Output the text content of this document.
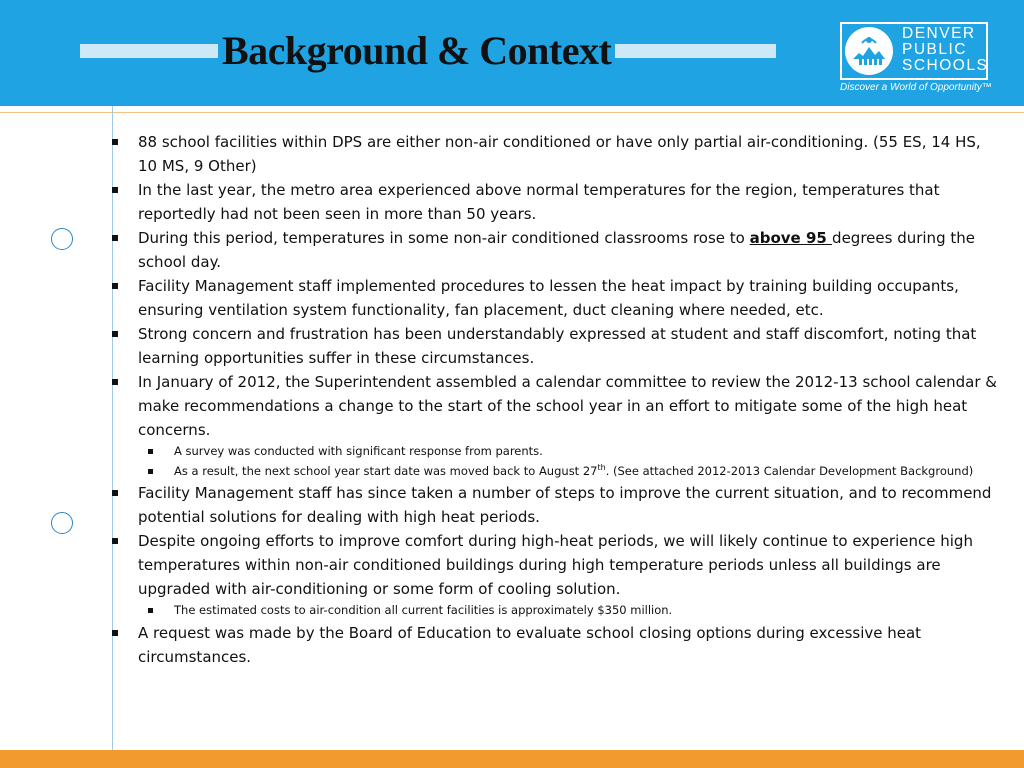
Background & Context	DENVER
PUBLIC
SCHOOLS
Discover a World of Opportunity™
88 school facilities within DPS are either non-air conditioned or have only partial air-conditioning. (55 ES, 14 HS, 10 MS, 9 Other)
In the last year, the metro area experienced above normal temperatures for the region, temperatures that reportedly had not been seen in more than 50 years.
During this period, temperatures in some non-air conditioned classrooms rose to above 95 degrees during the school day.
Facility Management staff implemented procedures to lessen the heat impact by training building occupants, ensuring ventilation system functionality, fan placement, duct cleaning where needed, etc.
Strong concern and frustration has been understandably expressed at student and staff discomfort, noting that learning opportunities suffer in these circumstances.
In January of 2012, the Superintendent assembled a calendar committee to review the 2012-13 school calendar & make recommendations a change to the start of the school year in an effort to mitigate some of the high heat concerns.
A survey was conducted with significant response from parents.
As a result, the next school year start date was moved back to August 27th. (See attached 2012-2013 Calendar Development Background)
Facility Management staff has since taken a number of steps to improve the current situation, and to recommend potential solutions for dealing with high heat periods.
Despite ongoing efforts to improve comfort during high-heat periods, we will likely continue to experience high temperatures within non-air conditioned buildings during high temperature periods unless all buildings are upgraded with air-conditioning or some form of cooling solution.
The estimated costs to air-condition all current facilities is approximately $350 million.
A request was made by the Board of Education to evaluate school closing options during excessive heat circumstances.
